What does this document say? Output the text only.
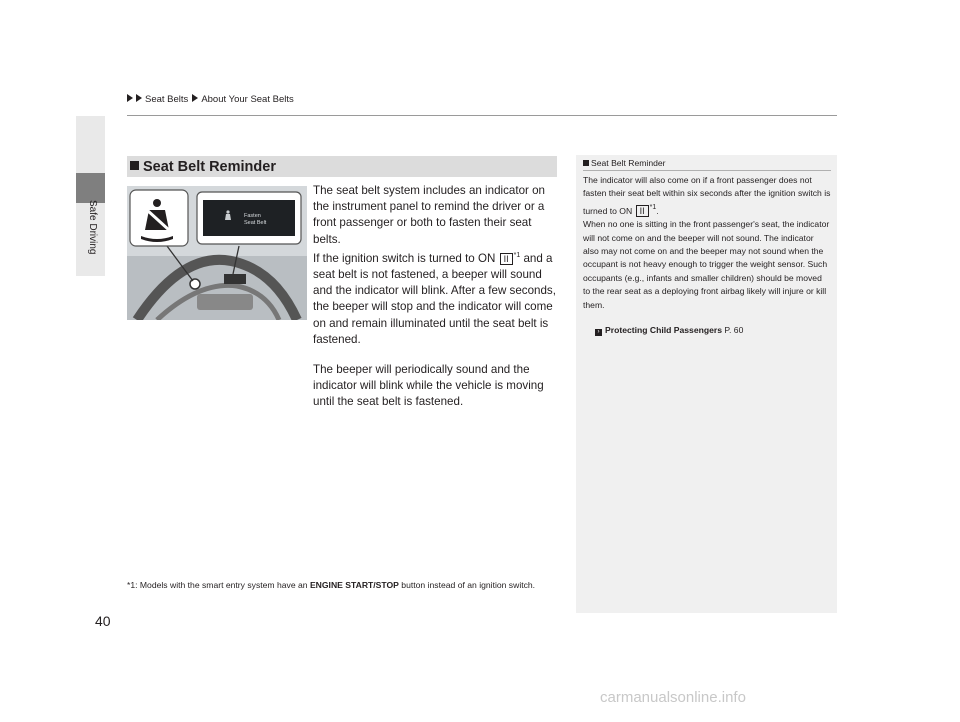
Safe Driving
Seat Belts About Your Seat Belts
Seat Belt Reminder
Fasten
Seat Belt

The seat belt system includes an indicator on the instrument panel to remind the driver or a front passenger or both to fasten their seat belts.
If the ignition switch is turned to ON II $^{*1}$ and a seat belt is not fastened, a beeper will sound and the indicator will blink. After a few seconds, the beeper will stop and the indicator will come on and remain illuminated until the seat belt is fastened.

The beeper will periodically sound and the indicator will blink while the vehicle is moving until the seat belt is fastened.

*1: Models with the smart entry system have an ENGINE START/STOP button instead of an ignition switch.
40
Seat Belt Reminder
The indicator will also come on if a front passenger does not fasten their seat belt within six seconds after the ignition switch is turned to ON II $^{*1}$.
When no one is sitting in the front passenger's seat, the indicator will not come on and the beeper will not sound. The indicator also may not come on and the beeper may not sound when the occupant is not heavy enough to trigger the weight sensor. Such occupants (e.g., infants and smaller children) should be moved to the rear seat as a deploying front airbag likely will injure or kill them.
› Protecting Child Passengers P. 60
carmanualsonline.info
